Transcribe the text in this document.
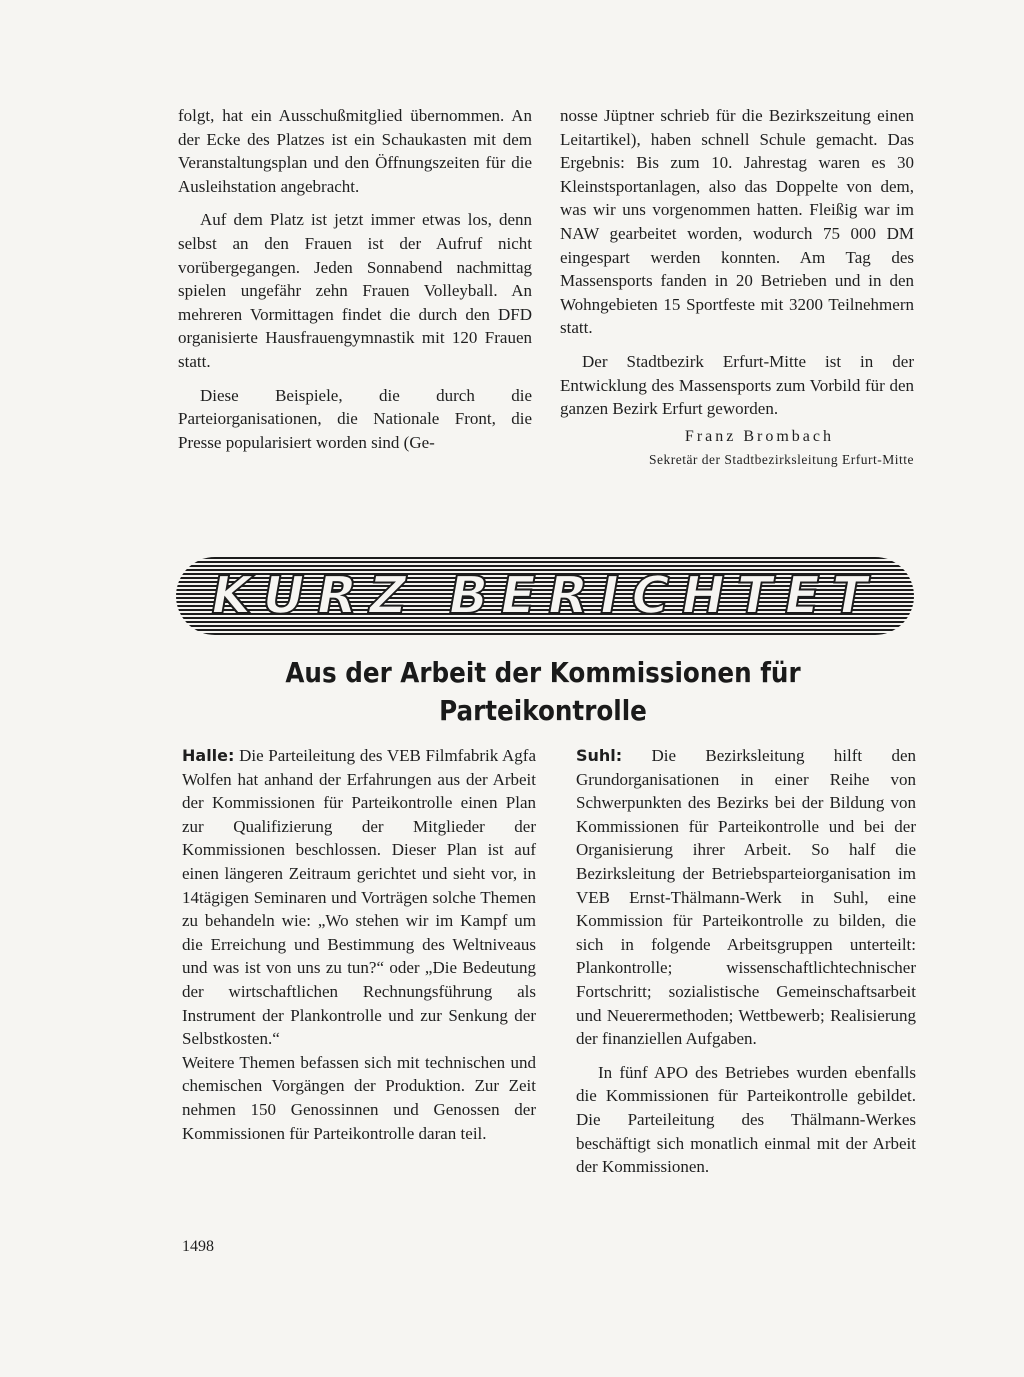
folgt, hat ein Ausschußmitglied übernommen. An der Ecke des Platzes ist ein Schaukasten mit dem Veranstaltungsplan und den Öffnungszeiten für die Ausleihstation angebracht.

Auf dem Platz ist jetzt immer etwas los, denn selbst an den Frauen ist der Aufruf nicht vorübergegangen. Jeden Sonnabend nachmittag spielen ungefähr zehn Frauen Volleyball. An mehreren Vormittagen findet die durch den DFD organisierte Hausfrauengymnastik mit 120 Frauen statt.

Diese Beispiele, die durch die Parteiorganisationen, die Nationale Front, die Presse popularisiert worden sind (Ge-

nosse Jüptner schrieb für die Bezirkszeitung einen Leitartikel), haben schnell Schule gemacht. Das Ergebnis: Bis zum 10. Jahrestag waren es 30 Kleinstsportanlagen, also das Doppelte von dem, was wir uns vorgenommen hatten. Fleißig war im NAW gearbeitet worden, wodurch 75 000 DM eingespart werden konnten. Am Tag des Massensports fanden in 20 Betrieben und in den Wohngebieten 15 Sportfeste mit 3200 Teilnehmern statt.

Der Stadtbezirk Erfurt-Mitte ist in der Entwicklung des Massensports zum Vorbild für den ganzen Bezirk Erfurt geworden.

Franz Brombach
Sekretär der Stadtbezirksleitung Erfurt-Mitte
KURZ BERICHTET
Aus der Arbeit der Kommissionen für
Parteikontrolle

Halle: Die Parteileitung des VEB Filmfabrik Agfa Wolfen hat anhand der Erfahrungen aus der Arbeit der Kommissionen für Parteikontrolle einen Plan zur Qualifizierung der Mitglieder der Kommissionen beschlossen. Dieser Plan ist auf einen längeren Zeitraum gerichtet und sieht vor, in 14tägigen Seminaren und Vorträgen solche Themen zu behandeln wie: „Wo stehen wir im Kampf um die Erreichung und Bestimmung des Weltniveaus und was ist von uns zu tun?“ oder „Die Bedeutung der wirtschaftlichen Rechnungsführung als Instrument der Plankontrolle und zur Senkung der Selbstkosten.“

Weitere Themen befassen sich mit technischen und chemischen Vorgängen der Produktion. Zur Zeit nehmen 150 Genossinnen und Genossen der Kommissionen für Parteikontrolle daran teil.

Suhl: Die Bezirksleitung hilft den Grundorganisationen in einer Reihe von Schwerpunkten des Bezirks bei der Bildung von Kommissionen für Parteikontrolle und bei der Organisierung ihrer Arbeit. So half die Bezirksleitung der Betriebsparteiorganisation im VEB Ernst-Thälmann-Werk in Suhl, eine Kommission für Parteikontrolle zu bilden, die sich in folgende Arbeitsgruppen unterteilt: Plankontrolle; wissenschaftlichtechnischer Fortschritt; sozialistische Gemeinschaftsarbeit und Neuerermethoden; Wettbewerb; Realisierung der finanziellen Aufgaben.

In fünf APO des Betriebes wurden ebenfalls die Kommissionen für Parteikontrolle gebildet. Die Parteileitung des Thälmann-Werkes beschäftigt sich monatlich einmal mit der Arbeit der Kommissionen.

1498
